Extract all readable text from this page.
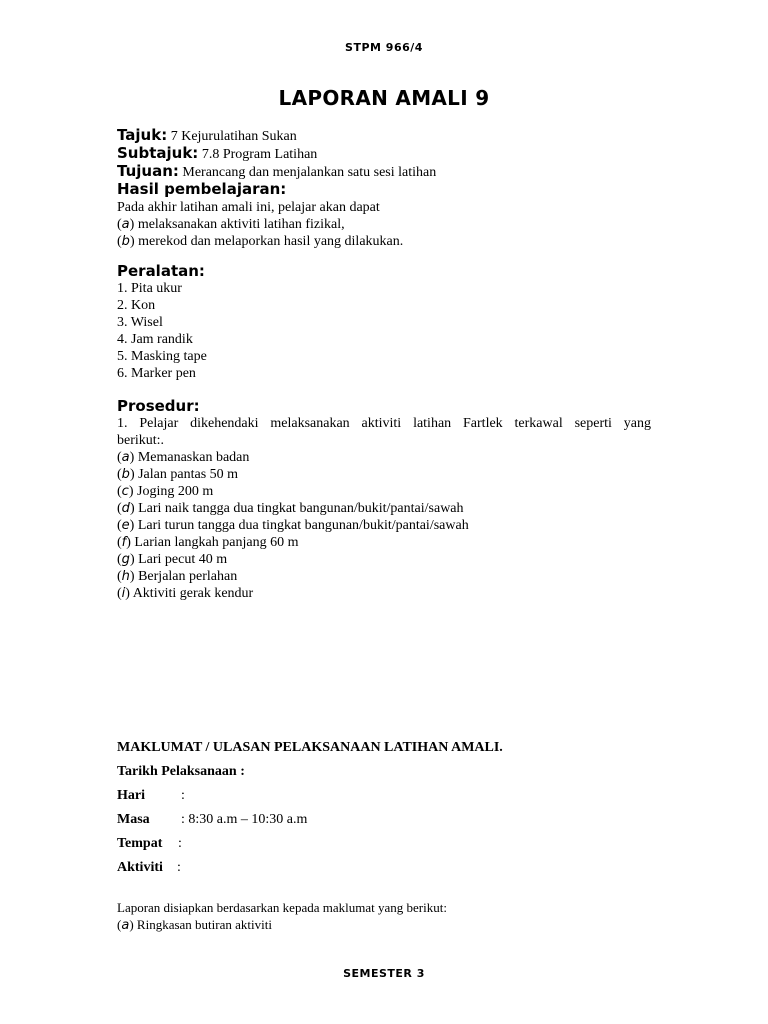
STPM 966/4
LAPORAN AMALI 9
Tajuk: 7 Kejurulatihan Sukan
Subtajuk: 7.8 Program Latihan
Tujuan: Merancang dan menjalankan satu sesi latihan
Hasil pembelajaran:
Pada akhir latihan amali ini, pelajar akan dapat
(a) melaksanakan aktiviti latihan fizikal,
(b) merekod dan melaporkan hasil yang dilakukan.
Peralatan:
1. Pita ukur
2. Kon
3. Wisel
4. Jam randik
5. Masking tape
6. Marker pen
Prosedur:
1. Pelajar dikehendaki melaksanakan aktiviti latihan Fartlek terkawal seperti yang
berikut:.
(a) Memanaskan badan
(b) Jalan pantas 50 m
(c) Joging 200 m
(d) Lari naik tangga dua tingkat bangunan/bukit/pantai/sawah
(e) Lari turun tangga dua tingkat bangunan/bukit/pantai/sawah
(f) Larian langkah panjang 60 m
(g) Lari pecut 40 m
(h) Berjalan perlahan
(i) Aktiviti gerak kendur
MAKLUMAT / ULASAN PELAKSANAAN LATIHAN AMALI.
Tarikh Pelaksanaan :
Hari	:
Masa : 8:30 a.m – 10:30 a.m
Tempat :
Aktiviti :
Laporan disiapkan berdasarkan kepada maklumat yang berikut:
(a) Ringkasan butiran aktiviti
SEMESTER 3
